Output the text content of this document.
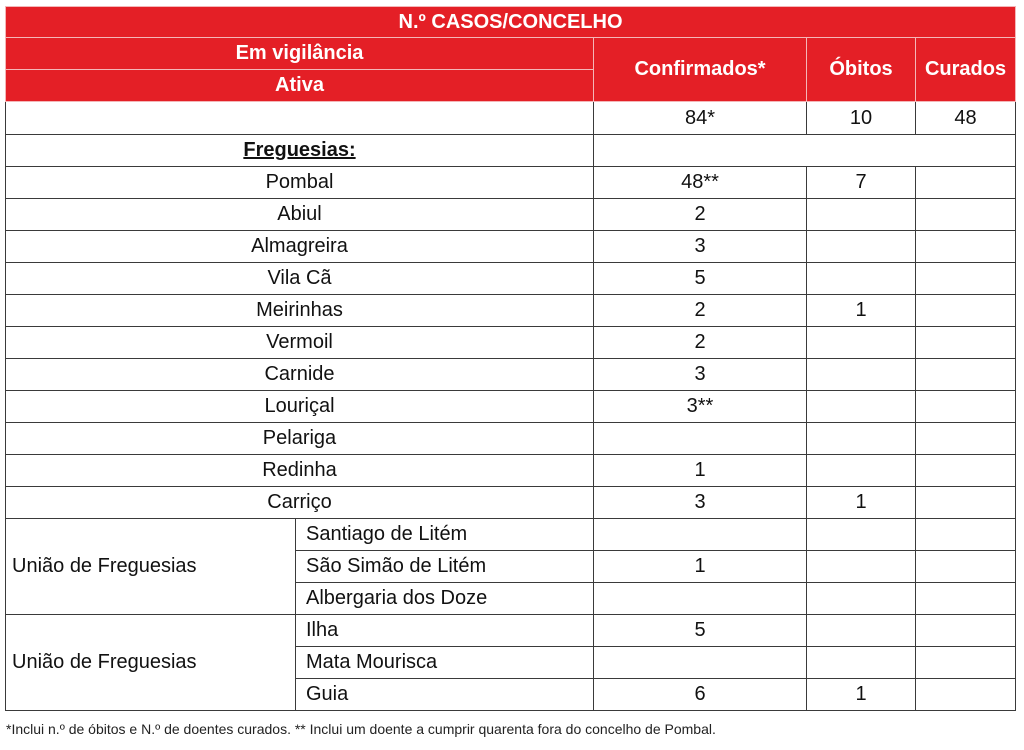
N.º CASOS/CONCELHO				
Em vigilância		Confirmados*	Óbitos	Curados
Ativa				
		84*	10	48
Freguesias:				
Pombal		48**	7	
Abiul		2		
Almagreira		3		
Vila Cã		5		
Meirinhas		2	1	
Vermoil		2		
Carnide		3		
Louriçal		3**		
Pelariga				
Redinha		1		
Carriço		3	1	
União de Freguesias	Santiago de Litém			
	São Simão de Litém	1		
	Albergaria dos Doze			
União de Freguesias	Ilha	5		
	Mata Mourisca			
	Guia	6	1	
*Inclui n.º de óbitos e N.º de doentes curados. ** Inclui um doente a cumprir quarenta fora do concelho de Pombal.
